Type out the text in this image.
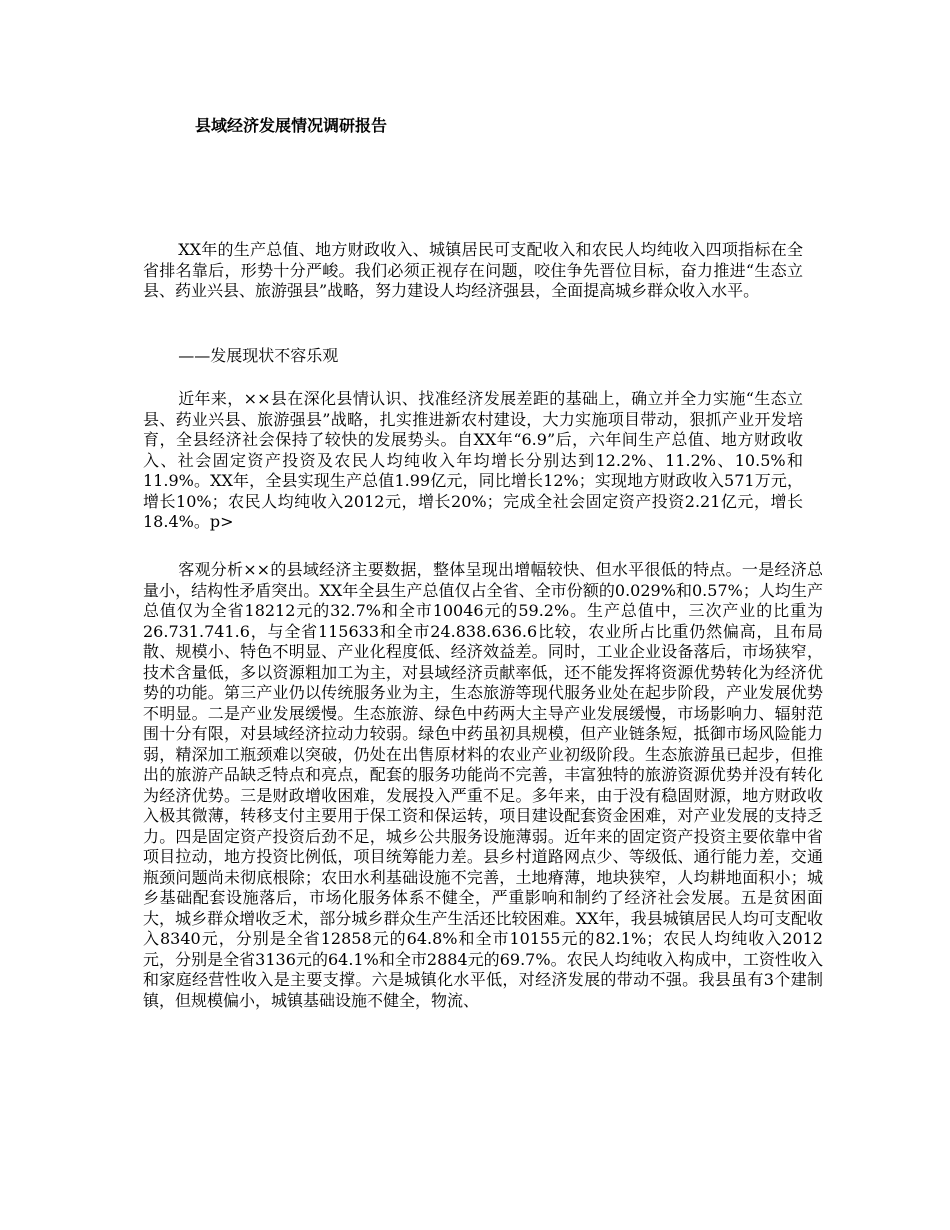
县域经济发展情况调研报告

XX年的生产总值、地方财政收入、城镇居民可支配收入和农民人均纯收入四项指标在全省排名靠后，形势十分严峻。我们必须正视存在问题，咬住争先晋位目标，奋力推进“生态立县、药业兴县、旅游强县”战略，努力建设人均经济强县，全面提高城乡群众收入水平。

——发展现状不容乐观

近年来，××县在深化县情认识、找准经济发展差距的基础上，确立并全力实施“生态立县、药业兴县、旅游强县”战略，扎实推进新农村建设，大力实施项目带动，狠抓产业开发培育，全县经济社会保持了较快的发展势头。自XX年“6.9”后，六年间生产总值、地方财政收入、社会固定资产投资及农民人均纯收入年均增长分别达到12.2%、11.2%、10.5%和11.9%。XX年，全县实现生产总值1.99亿元，同比增长12%；实现地方财政收入571万元，增长10%；农民人均纯收入2012元，增长20%；完成全社会固定资产投资2.21亿元，增长18.4%。p>

客观分析××的县域经济主要数据，整体呈现出增幅较快、但水平很低的特点。一是经济总量小，结构性矛盾突出。XX年全县生产总值仅占全省、全市份额的0.029%和0.57%；人均生产总值仅为全省18212元的32.7%和全市10046元的59.2%。生产总值中，三次产业的比重为26.731.741.6，与全省115633和全市24.838.636.6比较，农业所占比重仍然偏高，且布局散、规模小、特色不明显、产业化程度低、经济效益差。同时，工业企业设备落后，市场狭窄，技术含量低，多以资源粗加工为主，对县域经济贡献率低，还不能发挥将资源优势转化为经济优势的功能。第三产业仍以传统服务业为主，生态旅游等现代服务业处在起步阶段，产业发展优势不明显。二是产业发展缓慢。生态旅游、绿色中药两大主导产业发展缓慢，市场影响力、辐射范围十分有限，对县域经济拉动力较弱。绿色中药虽初具规模，但产业链条短，抵御市场风险能力弱，精深加工瓶颈难以突破，仍处在出售原材料的农业产业初级阶段。生态旅游虽已起步，但推出的旅游产品缺乏特点和亮点，配套的服务功能尚不完善，丰富独特的旅游资源优势并没有转化为经济优势。三是财政增收困难，发展投入严重不足。多年来，由于没有稳固财源，地方财政收入极其微薄，转移支付主要用于保工资和保运转，项目建设配套资金困难，对产业发展的支持乏力。四是固定资产投资后劲不足，城乡公共服务设施薄弱。近年来的固定资产投资主要依靠中省项目拉动，地方投资比例低，项目统筹能力差。县乡村道路网点少、等级低、通行能力差，交通瓶颈问题尚未彻底根除；农田水利基础设施不完善，土地瘠薄，地块狭窄，人均耕地面积小；城乡基础配套设施落后，市场化服务体系不健全，严重影响和制约了经济社会发展。五是贫困面大，城乡群众增收乏术，部分城乡群众生产生活还比较困难。XX年，我县城镇居民人均可支配收入8340元，分别是全省12858元的64.8%和全市10155元的82.1%；农民人均纯收入2012元，分别是全省3136元的64.1%和全市2884元的69.7%。农民人均纯收入构成中，工资性收入和家庭经营性收入是主要支撑。六是城镇化水平低，对经济发展的带动不强。我县虽有3个建制镇，但规模偏小，城镇基础设施不健全，物流、
